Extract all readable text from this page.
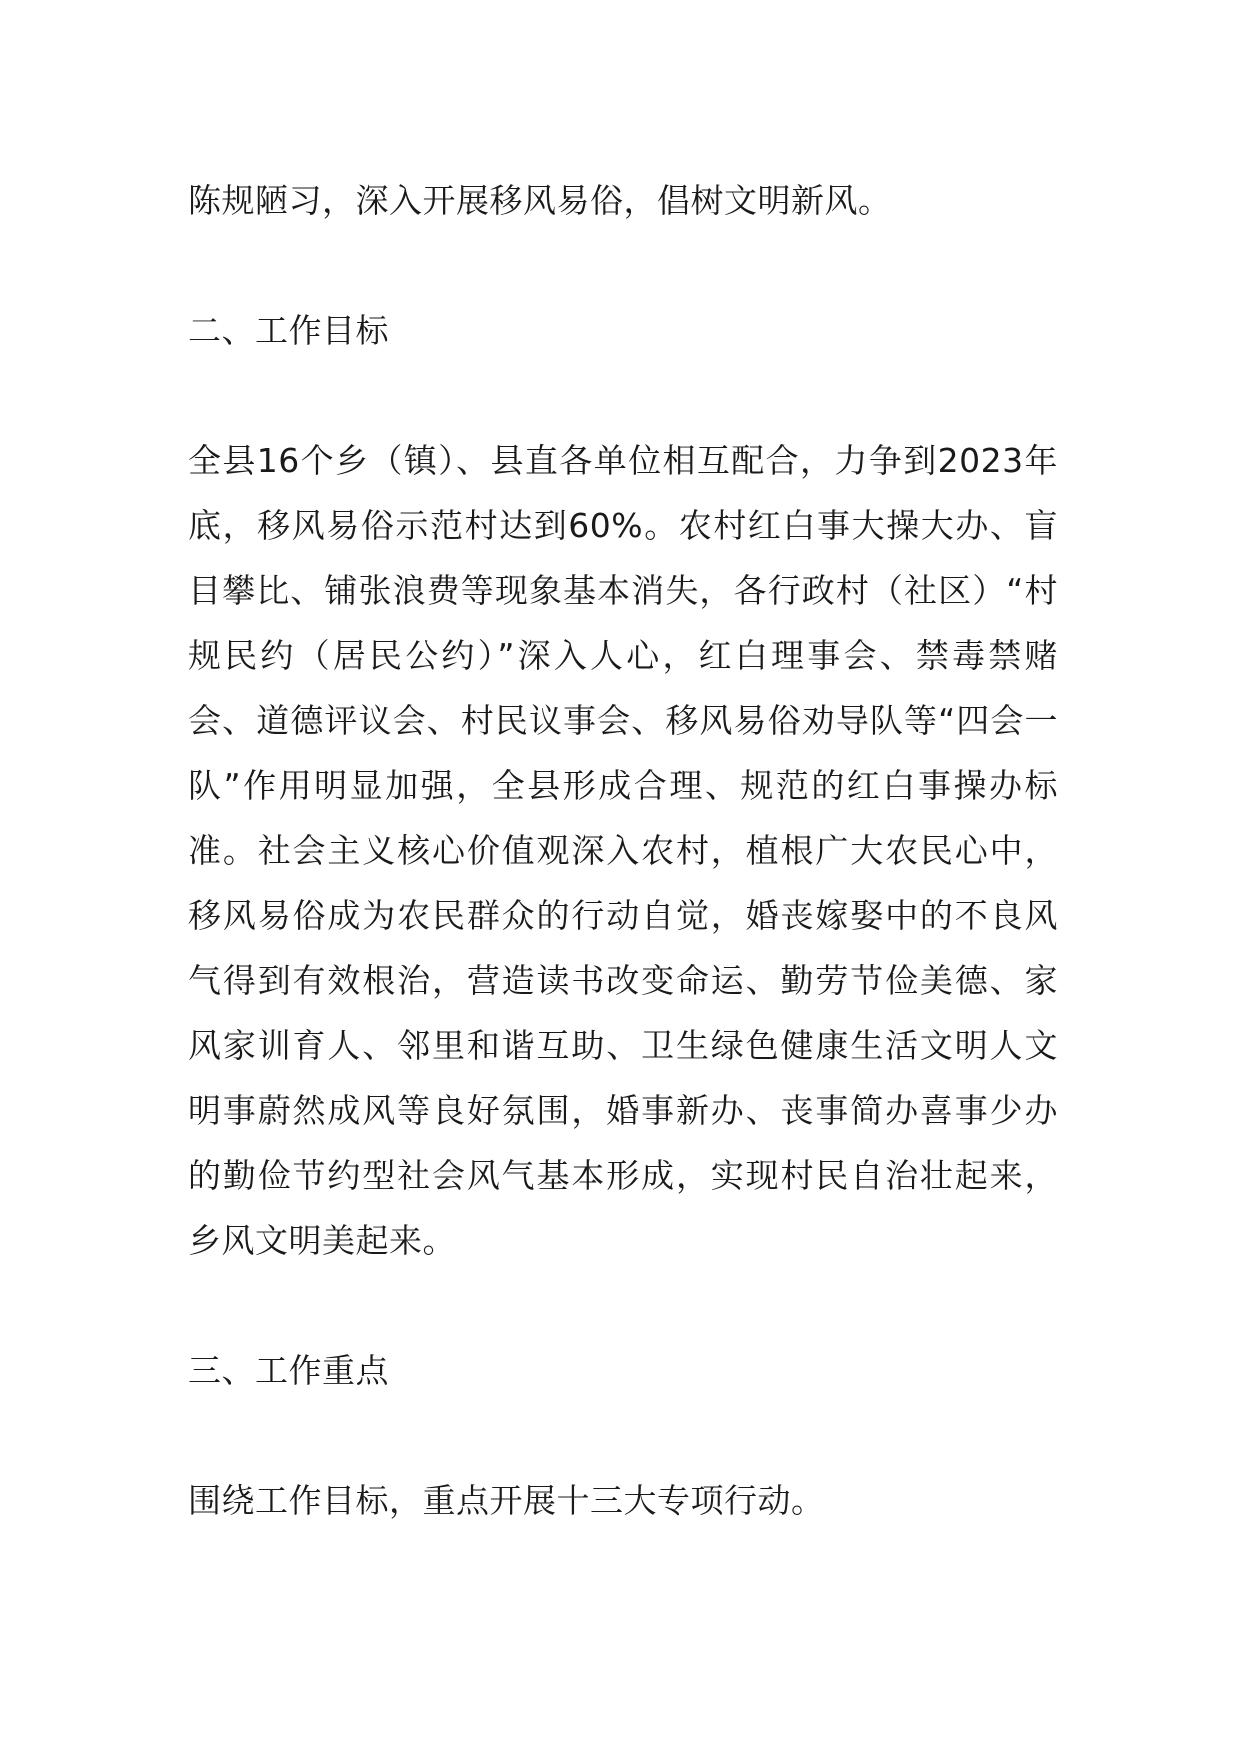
陈规陋习，深入开展移风易俗，倡树文明新风。

二、工作目标

全县16个乡（镇）、县直各单位相互配合，力争到2023年底，移风易俗示范村达到60%。农村红白事大操大办、盲目攀比、铺张浪费等现象基本消失，各行政村（社区）“村规民约（居民公约）”深入人心，红白理事会、禁毒禁赌会、道德评议会、村民议事会、移风易俗劝导队等“四会一队”作用明显加强，全县形成合理、规范的红白事操办标准。社会主义核心价值观深入农村，植根广大农民心中，移风易俗成为农民群众的行动自觉，婚丧嫁娶中的不良风气得到有效根治，营造读书改变命运、勤劳节俭美德、家风家训育人、邻里和谐互助、卫生绿色健康生活文明人文明事蔚然成风等良好氛围，婚事新办、丧事简办喜事少办的勤俭节约型社会风气基本形成，实现村民自治壮起来，乡风文明美起来。

三、工作重点

围绕工作目标，重点开展十三大专项行动。
